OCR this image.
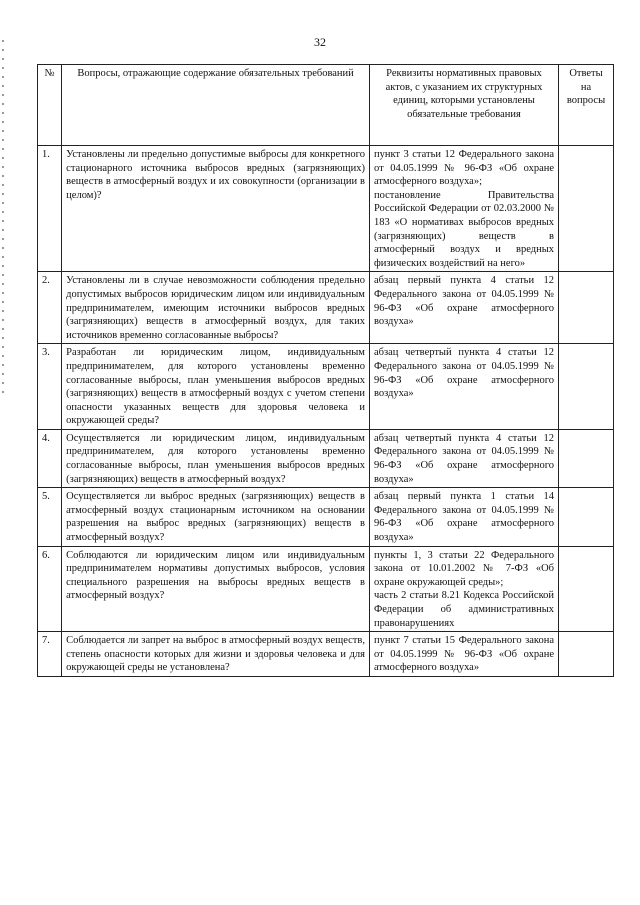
32
№	Вопросы, отражающие содержание обязательных требований	Реквизиты нормативных правовых актов, с указанием их структурных единиц, которыми установлены обязательные требования	Ответы на вопросы
1.	Установлены ли предельно допустимые выбросы для конкретного стационарного источника выбросов вредных (загрязняющих) веществ в атмосферный воздух и их совокупности (организации в целом)?	пункт 3 статьи 12 Федерального закона от 04.05.1999 № 96-ФЗ «Об охране атмосферного воздуха»;

постановление Правительства Российской Федерации от 02.03.2000 № 183 «О нормативах выбросов вредных (загрязняющих) веществ в атмосферный воздух и вредных физических воздействий на него»	

2.	Установлены ли в случае невозможности соблюдения предельно допустимых выбросов юридическим лицом или индивидуальным предпринимателем, имеющим источники выбросов вредных (загрязняющих) веществ в атмосферный воздух, для таких источников временно согласованные выбросы?	абзац первый пункта 4 статьи 12 Федерального закона от 04.05.1999 № 96-ФЗ «Об охране атмосферного воздуха»	

3.	Разработан ли юридическим лицом, индивидуальным предпринимателем, для которого установлены временно согласованные выбросы, план уменьшения выбросов вредных (загрязняющих) веществ в атмосферный воздух с учетом степени опасности указанных веществ для здоровья человека и окружающей среды?	абзац четвертый пункта 4 статьи 12 Федерального закона от 04.05.1999 № 96-ФЗ «Об охране атмосферного воздуха»	

4.	Осуществляется ли юридическим лицом, индивидуальным предпринимателем, для которого установлены временно согласованные выбросы, план уменьшения выбросов вредных (загрязняющих) веществ в атмосферный воздух?	абзац четвертый пункта 4 статьи 12 Федерального закона от 04.05.1999 № 96-ФЗ «Об охране атмосферного воздуха»	

5.	Осуществляется ли выброс вредных (загрязняющих) веществ в атмосферный воздух стационарным источником на основании разрешения на выброс вредных (загрязняющих) веществ в атмосферный воздух?	абзац первый пункта 1 статьи 14 Федерального закона от 04.05.1999 № 96-ФЗ «Об охране атмосферного воздуха»	

6.	Соблюдаются ли юридическим лицом или индивидуальным предпринимателем нормативы допустимых выбросов, условия специального разрешения на выбросы вредных веществ в атмосферный воздух?	пункты 1, 3 статьи 22 Федерального закона от 10.01.2002 № 7-ФЗ «Об охране окружающей среды»;

часть 2 статьи 8.21 Кодекса Российской Федерации об административных правонарушениях	

7.	Соблюдается ли запрет на выброс в атмосферный воздух веществ, степень опасности которых для жизни и здоровья человека и для окружающей среды не установлена?	пункт 7 статьи 15 Федерального закона от 04.05.1999 № 96-ФЗ «Об охране атмосферного воздуха»	
